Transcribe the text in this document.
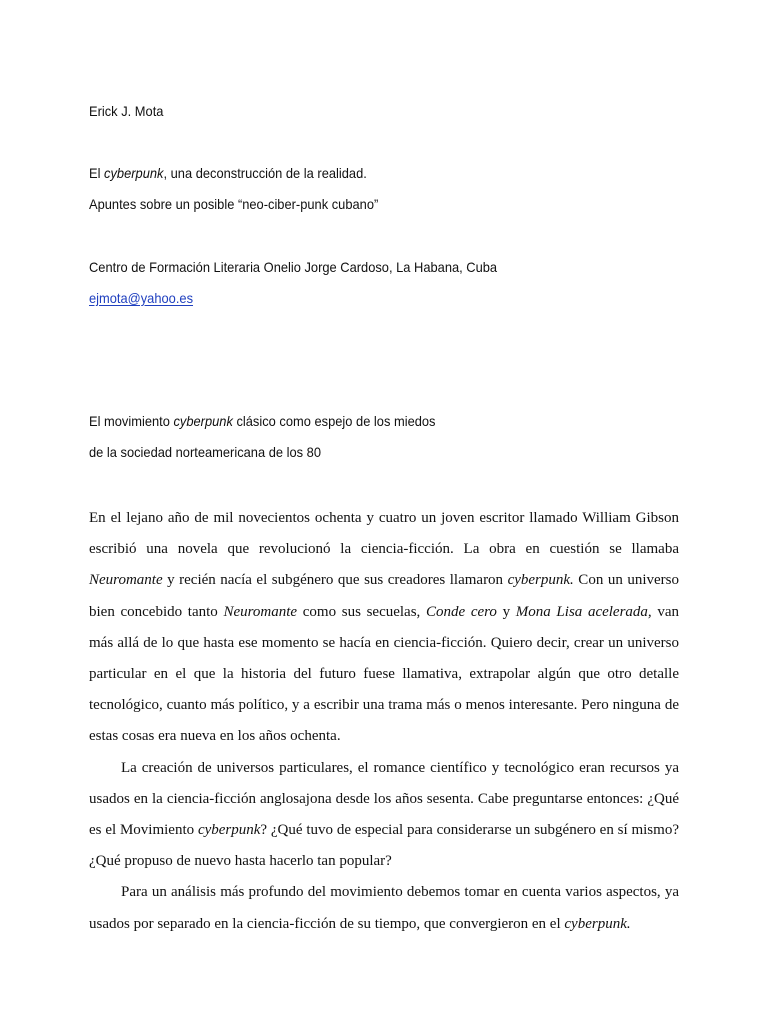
Erick J. Mota
El cyberpunk, una deconstrucción de la realidad.
Apuntes sobre un posible “neo-ciber-punk cubano”
Centro de Formación Literaria Onelio Jorge Cardoso, La Habana, Cuba
ejmota@yahoo.es
El movimiento cyberpunk clásico como espejo de los miedos
de la sociedad norteamericana de los 80

En el lejano año de mil novecientos ochenta y cuatro un joven escritor llamado William Gibson escribió una novela que revolucionó la ciencia-ficción. La obra en cuestión se llamaba Neuromante y recién nacía el subgénero que sus creadores llamaron cyberpunk. Con un universo bien concebido tanto Neuromante como sus secuelas, Conde cero y Mona Lisa acelerada, van más allá de lo que hasta ese momento se hacía en ciencia-ficción. Quiero decir, crear un universo particular en el que la historia del futuro fuese llamativa, extrapolar algún que otro detalle tecnológico, cuanto más político, y a escribir una trama más o menos interesante. Pero ninguna de estas cosas era nueva en los años ochenta.

La creación de universos particulares, el romance científico y tecnológico eran recursos ya usados en la ciencia-ficción anglosajona desde los años sesenta. Cabe preguntarse entonces: ¿Qué es el Movimiento cyberpunk? ¿Qué tuvo de especial para considerarse un subgénero en sí mismo? ¿Qué propuso de nuevo hasta hacerlo tan popular?

Para un análisis más profundo del movimiento debemos tomar en cuenta varios aspectos, ya usados por separado en la ciencia-ficción de su tiempo, que convergieron en el cyberpunk.
